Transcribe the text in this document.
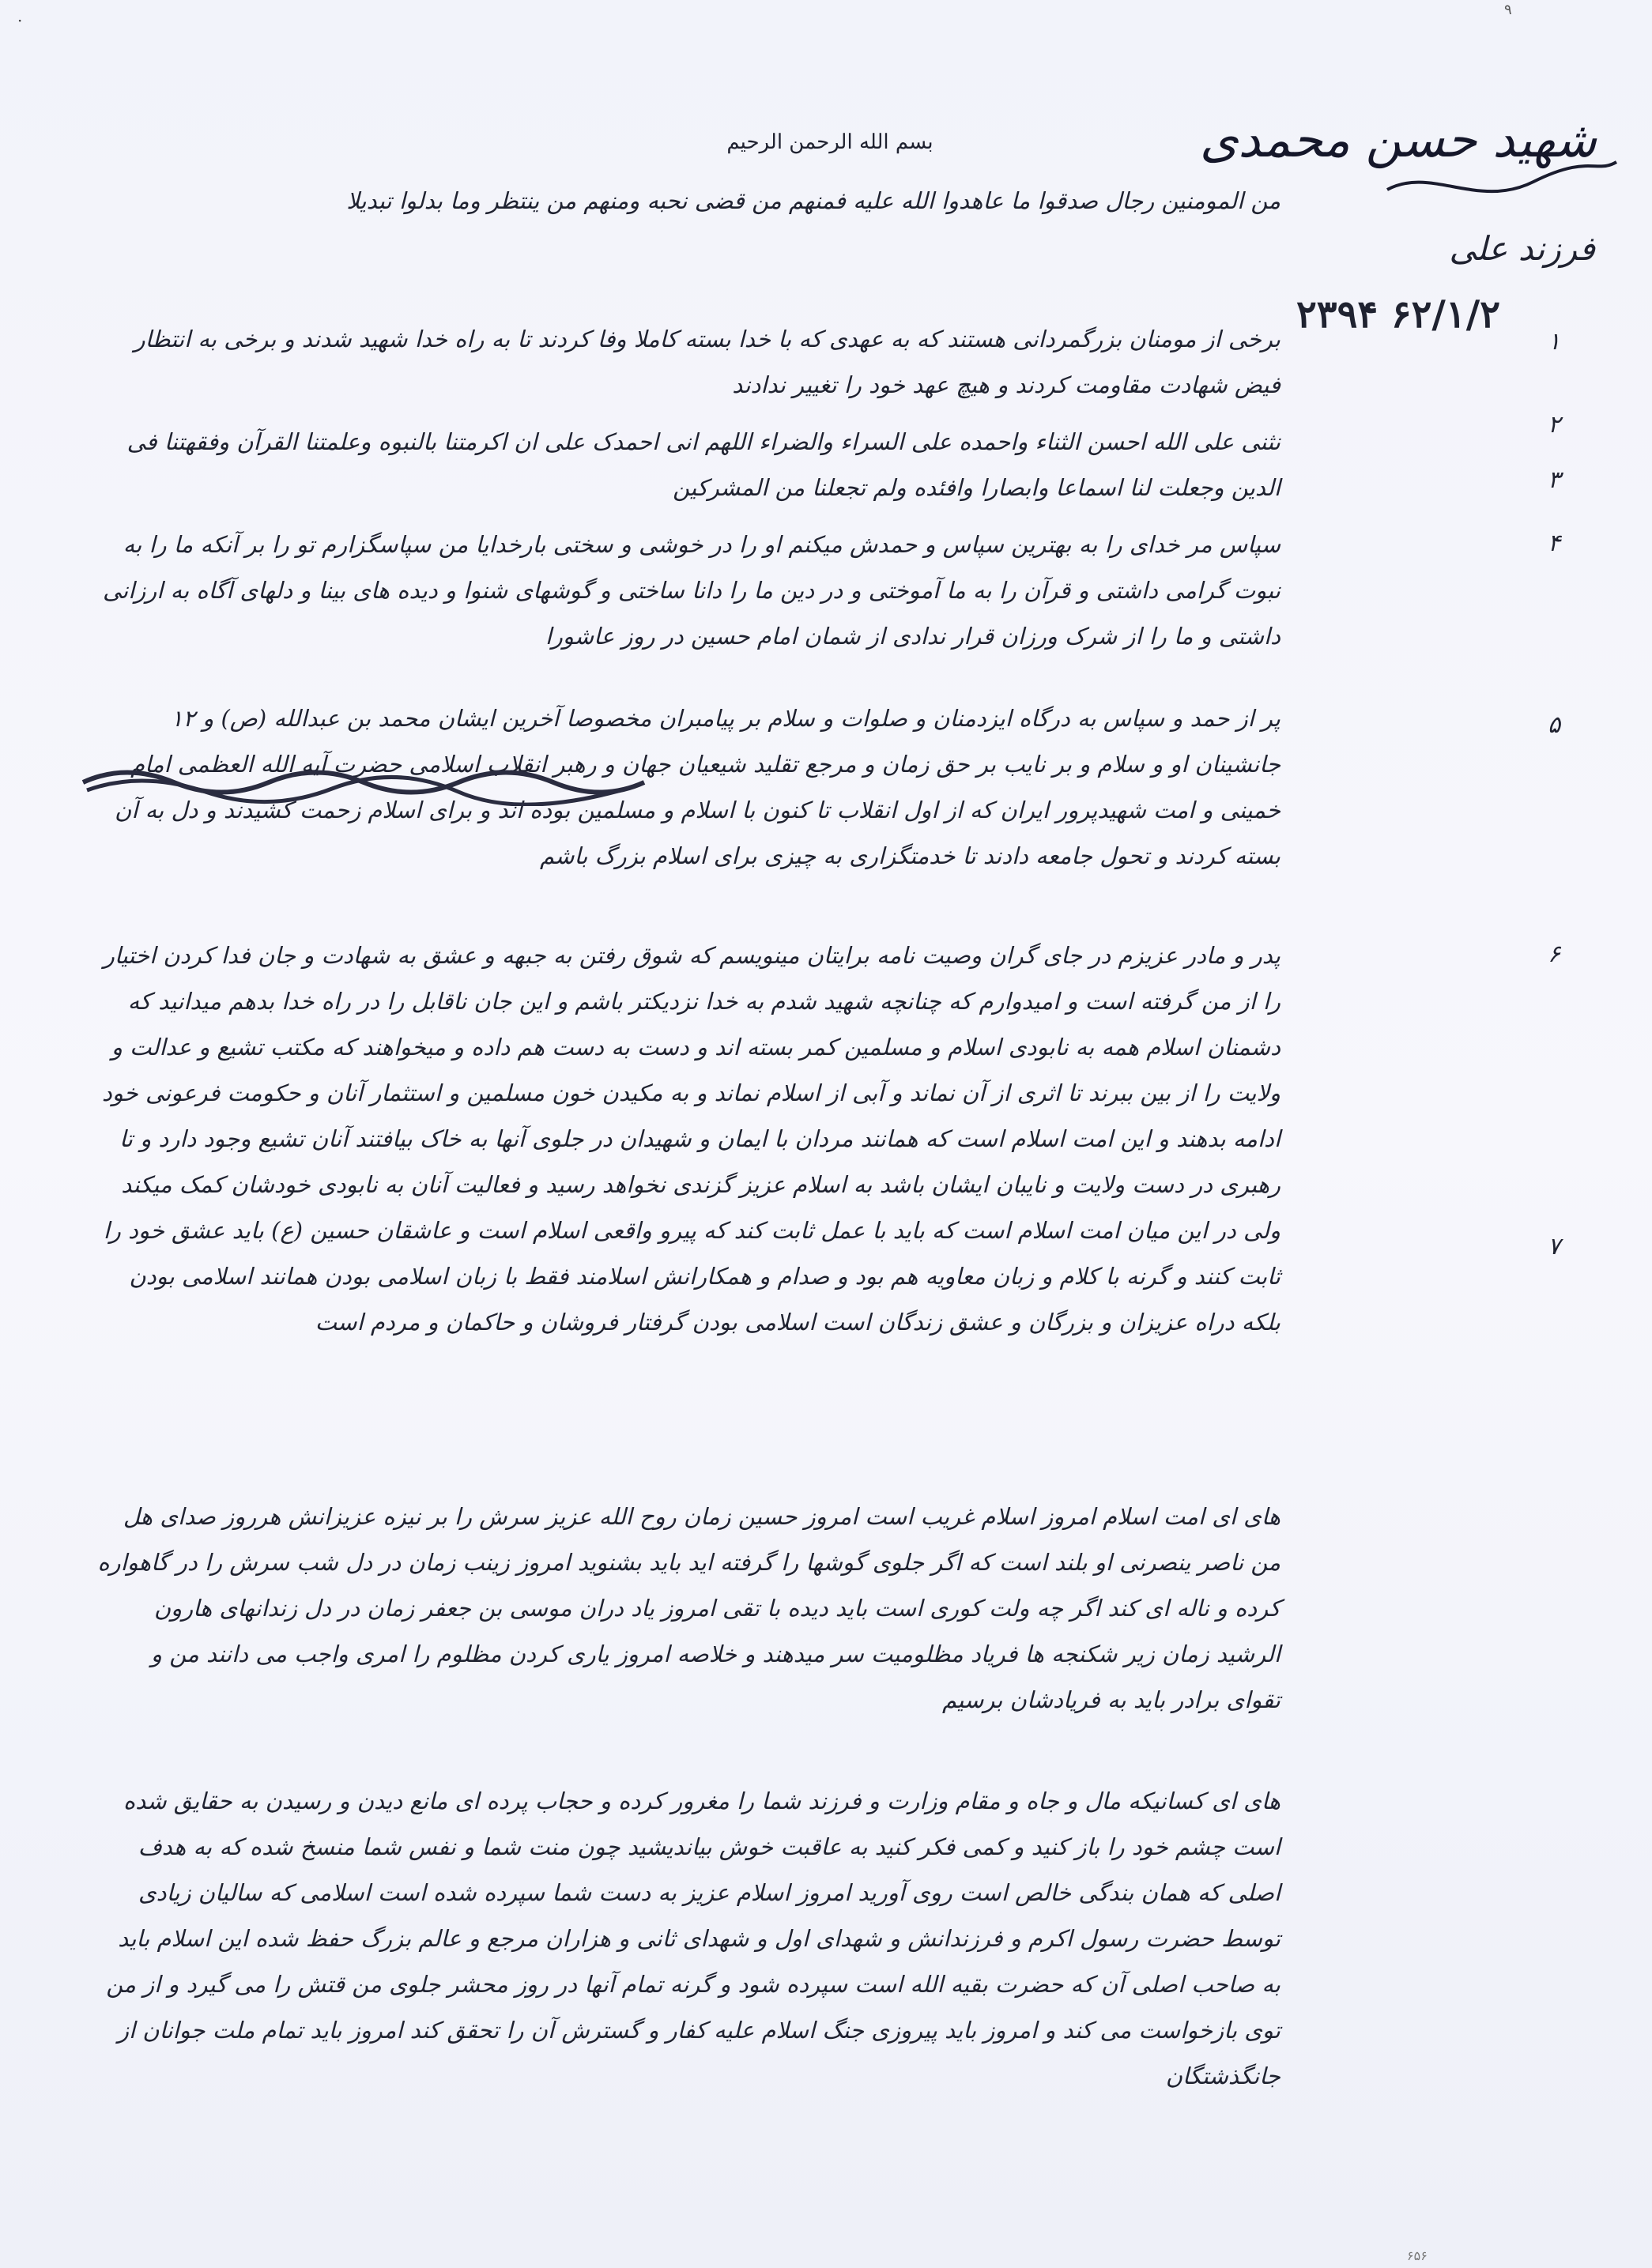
·
۹
بسم الله الرحمن الرحیم	شهید حسن محمدی
فرزند علی
۲۳۹۴ ۶۲/۱/۲
من المومنین رجال صدقوا ما عاهدوا الله علیه فمنهم من قضی نحبه ومنهم من ینتظر وما بدلوا تبدیلا
برخی از مومنان بزرگمردانی هستند که به عهدی که با خدا بسته کاملا وفا کردند تا به راه خدا شهید شدند و برخی به انتظار فیض شهادت مقاومت کردند و هیچ عهد خود را تغییر ندادند
نثنی علی الله احسن الثناء واحمده علی السراء والضراء اللهم انی احمدک علی ان اکرمتنا بالنبوه وعلمتنا القرآن وفقهتنا فی الدین وجعلت لنا اسماعا وابصارا وافئده ولم تجعلنا من المشرکین
سپاس مر خدای را به بهترین سپاس و حمدش میکنم او را در خوشی و سختی بارخدایا من سپاسگزارم تو را بر آنکه ما را به نبوت گرامی داشتی و قرآن را به ما آموختی و در دین ما را دانا ساختی و گوشهای شنوا و دیده های بینا و دلهای آگاه به ارزانی داشتی و ما را از شرک ورزان قرار ندادی از شمان امام حسین در روز عاشورا
پر از حمد و سپاس به درگاه ایزدمنان و صلوات و سلام بر پیامبران مخصوصا آخرین ایشان محمد بن عبدالله (ص) و ۱۲ جانشینان او و سلام و بر نایب بر حق زمان و مرجع تقلید شیعیان جهان و رهبر انقلاب اسلامی حضرت آیه الله العظمی امام خمینی و امت شهیدپرور ایران که از اول انقلاب تا کنون با اسلام و مسلمین بوده اند و برای اسلام زحمت کشیدند و دل به آن بسته کردند و تحول جامعه دادند تا خدمتگزاری به چیزی برای اسلام بزرگ باشم
پدر و مادر عزیزم در جای گران وصیت نامه برایتان مینویسم که شوق رفتن به جبهه و عشق به شهادت و جان فدا کردن اختیار را از من گرفته است و امیدوارم که چنانچه شهید شدم به خدا نزدیکتر باشم و این جان ناقابل را در راه خدا بدهم میدانید که دشمنان اسلام همه به نابودی اسلام و مسلمین کمر بسته اند و دست به دست هم داده و میخواهند که مکتب تشیع و عدالت و ولایت را از بین ببرند تا اثری از آن نماند و آبی از اسلام نماند و به مکیدن خون مسلمین و استثمار آنان و حکومت فرعونی خود ادامه بدهند و این امت اسلام است که همانند مردان با ایمان و شهیدان در جلوی آنها به خاک بیافتند آنان تشیع وجود دارد و تا رهبری در دست ولایت و نایبان ایشان باشد به اسلام عزیز گزندی نخواهد رسید و فعالیت آنان به نابودی خودشان کمک میکند ولی در این میان امت اسلام است که باید با عمل ثابت کند که پیرو واقعی اسلام است و عاشقان حسین (ع) باید عشق خود را ثابت کنند و گرنه با کلام و زبان معاویه هم بود و صدام و همکارانش اسلامند فقط با زبان اسلامی بودن همانند اسلامی بودن بلکه دراه عزیزان و بزرگان و عشق زندگان است اسلامی بودن گرفتار فروشان و حاکمان و مردم است
های ای امت اسلام امروز اسلام غریب است امروز حسین زمان روح الله عزیز سرش را بر نیزه عزیزانش هرروز صدای هل من ناصر ینصرنی او بلند است که اگر جلوی گوشها را گرفته اید باید بشنوید امروز زینب زمان در دل شب سرش را در گاهواره کرده و ناله ای کند اگر چه ولت کوری است باید دیده با تقی امروز یاد دران موسی بن جعفر زمان در دل زندانهای هارون الرشید زمان زیر شکنجه ها فریاد مظلومیت سر میدهند و خلاصه امروز یاری کردن مظلوم را امری واجب می دانند من و تقوای برادر باید به فریادشان برسیم
های ای کسانیکه مال و جاه و مقام وزارت و فرزند شما را مغرور کرده و حجاب پرده ای مانع دیدن و رسیدن به حقایق شده است چشم خود را باز کنید و کمی فکر کنید به عاقبت خوش بیاندیشید چون منت شما و نفس شما منسخ شده که به هدف اصلی که همان بندگی خالص است روی آورید امروز اسلام عزیز به دست شما سپرده شده است اسلامی که سالیان زیادی توسط حضرت رسول اکرم و فرزندانش و شهدای اول و شهدای ثانی و هزاران مرجع و عالم بزرگ حفظ شده این اسلام باید به صاحب اصلی آن که حضرت بقیه الله است سپرده شود و گرنه تمام آنها در روز محشر جلوی من قتش را می گیرد و از من توی بازخواست می کند و امروز باید پیروزی جنگ اسلام علیه کفار و گسترش آن را تحقق کند امروز باید تمام ملت جوانان از جانگذشتگان
۱
۲
۳
۴
۵
۶
۷
۶۵۶
